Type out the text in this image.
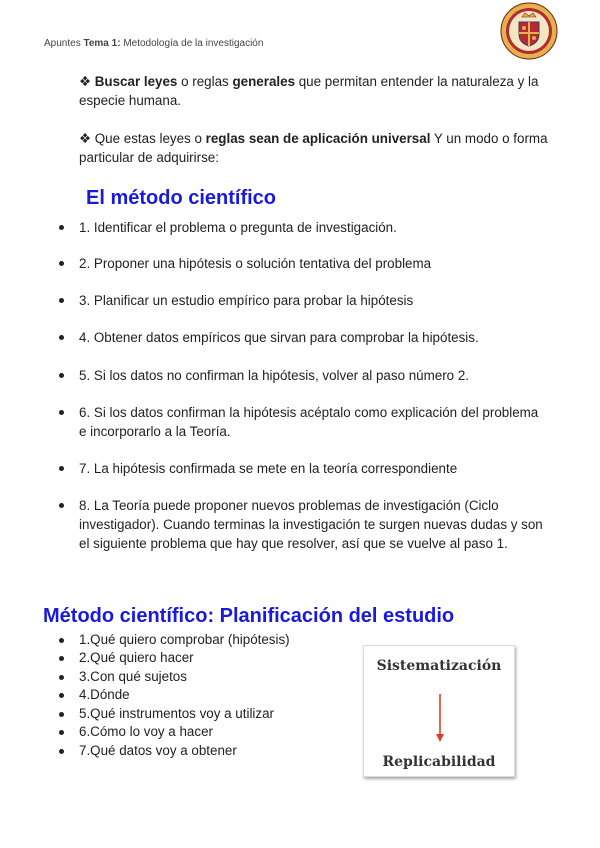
Apuntes Tema 1: Metodología de la investigación
❖ Buscar leyes o reglas generales que permitan entender la naturaleza y la especie humana.
❖ Que estas leyes o reglas sean de aplicación universal Y un modo o forma particular de adquirirse:
El método científico
1. Identificar el problema o pregunta de investigación.
2. Proponer una hipótesis o solución tentativa del problema
3. Planificar un estudio empírico para probar la hipótesis
4. Obtener datos empíricos que sirvan para comprobar la hipótesis.
5. Si los datos no confirman la hipótesis, volver al paso número 2.
6. Si los datos confirman la hipótesis acéptalo como explicación del problema e incorporarlo a la Teoría.
7. La hipótesis confirmada se mete en la teoría correspondiente
8. La Teoría puede proponer nuevos problemas de investigación (Ciclo investigador). Cuando terminas la investigación te surgen nuevas dudas y son el siguiente problema que hay que resolver, así que se vuelve al paso 1.
Método científico: Planificación del estudio
1.Qué quiero comprobar (hipótesis)
2.Qué quiero hacer
3.Con qué sujetos
4.Dónde
5.Qué instrumentos voy a utilizar
6.Cómo lo voy a hacer
7.Qué datos voy a obtener
Sistematización
Replicabilidad
